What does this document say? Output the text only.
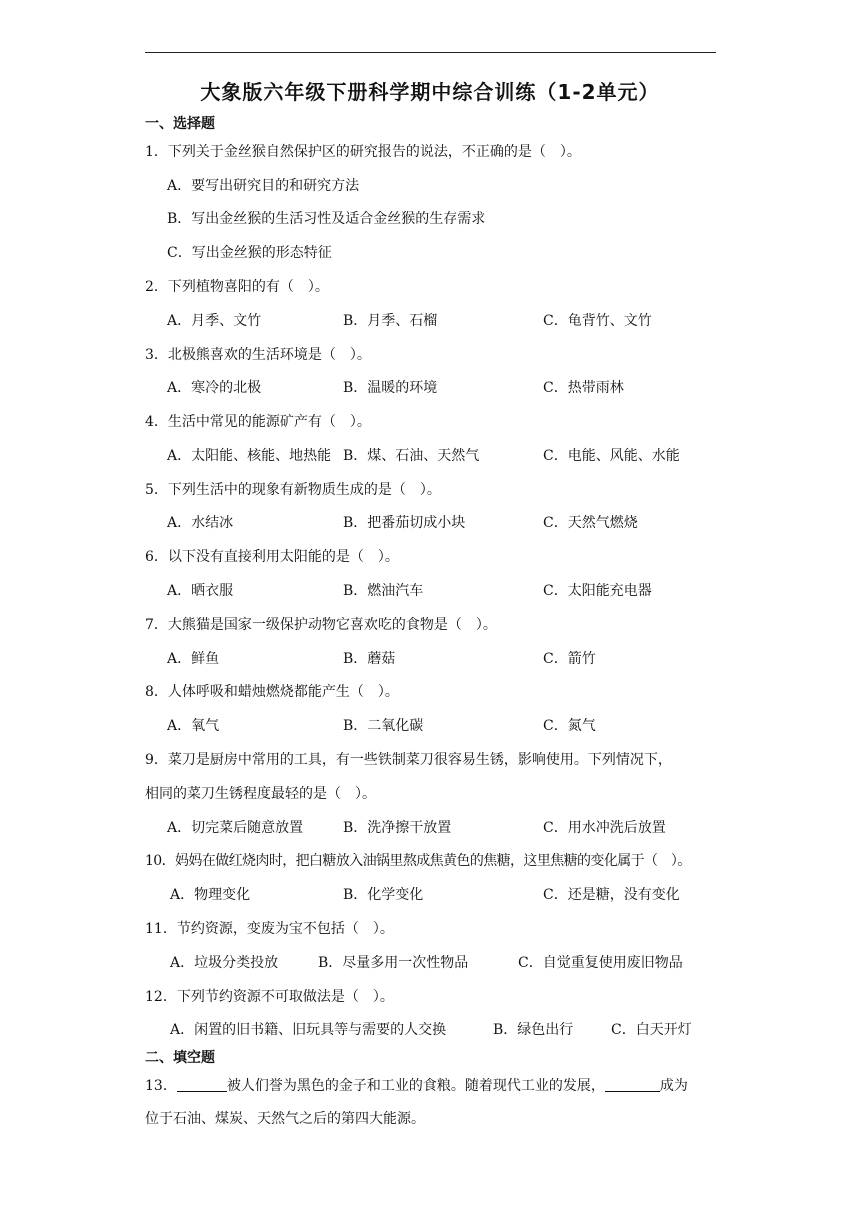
大象版六年级下册科学期中综合训练（1-2单元）
一、选择题
1．下列关于金丝猴自然保护区的研究报告的说法，不正确的是（　）。
A．要写出研究目的和研究方法
B．写出金丝猴的生活习性及适合金丝猴的生存需求
C．写出金丝猴的形态特征
2．下列植物喜阳的有（　）。
A．月季、文竹	B．月季、石榴	C．龟背竹、文竹
3．北极熊喜欢的生活环境是（　）。
A．寒冷的北极	B．温暖的环境	C．热带雨林
4．生活中常见的能源矿产有（　）。
A．太阳能、核能、地热能 B．煤、石油、天然气	C．电能、风能、水能
5．下列生活中的现象有新物质生成的是（　）。
A．水结冰	B．把番茄切成小块	C．天然气燃烧
6．以下没有直接利用太阳能的是（　）。
A．晒衣服	B．燃油汽车	C．太阳能充电器
7．大熊猫是国家一级保护动物它喜欢吃的食物是（　）。
A．鲜鱼	B．蘑菇	C．箭竹
8．人体呼吸和蜡烛燃烧都能产生（　）。
A．氧气	B．二氧化碳	C．氮气
9．菜刀是厨房中常用的工具，有一些铁制菜刀很容易生锈，影响使用。下列情况下，
相同的菜刀生锈程度最轻的是（　）。
A．切完菜后随意放置	B．洗净擦干放置	C．用水冲洗后放置
10．妈妈在做红烧肉时，把白糖放入油锅里熬成焦黄色的焦糖，这里焦糖的变化属于（　）。
A．物理变化	B．化学变化	C．还是糖，没有变化
11．节约资源，变废为宝不包括（　）。
A．垃圾分类投放	B．尽量多用一次性物品	C．自觉重复使用废旧物品
12．下列节约资源不可取做法是（　）。
A．闲置的旧书籍、旧玩具等与需要的人交换	B．绿色出行	C．白天开灯
二、填空题
13．	被人们誉为黑色的金子和工业的食粮。随着现代工业的发展，	成为
位于石油、煤炭、天然气之后的第四大能源。
